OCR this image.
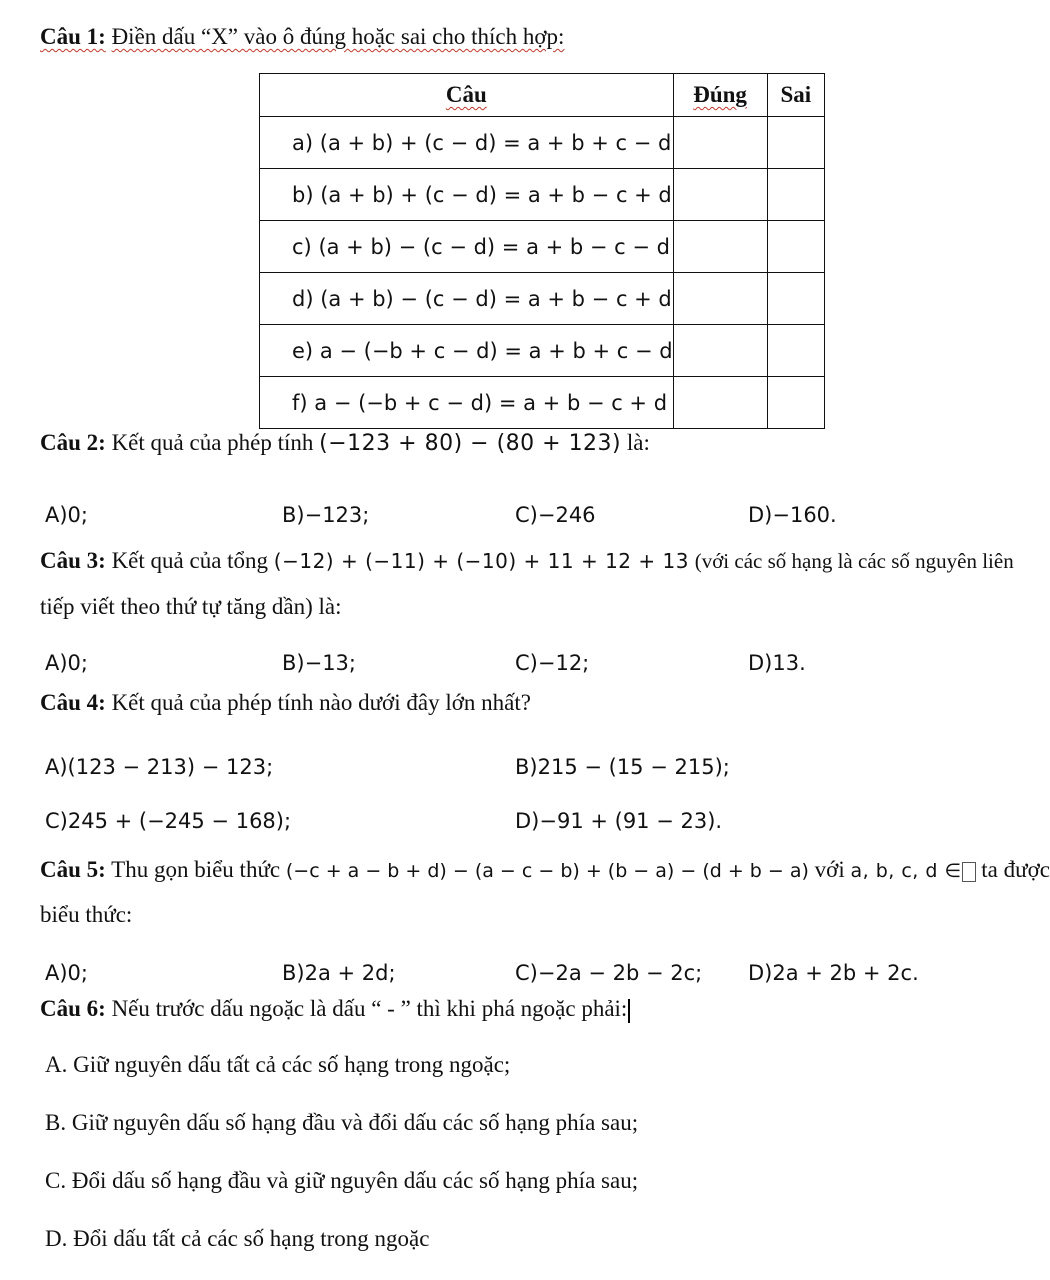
Câu 1: Điền dấu “X” vào ô đúng hoặc sai cho thích hợp:
Câu	Đúng	Sai
a) (a + b) + (c − d) = a + b + c − d		
b) (a + b) + (c − d) = a + b − c + d		
c) (a + b) − (c − d) = a + b − c − d		
d) (a + b) − (c − d) = a + b − c + d		
e) a − (−b + c − d) = a + b + c − d		
f) a − (−b + c − d) = a + b − c + d		
Câu 2: Kết quả của phép tính (−123 + 80) − (80 + 123) là:
A)0;	B)−123;	C)−246	D)−160.
Câu 3: Kết quả của tổng (−12) + (−11) + (−10) + 11 + 12 + 13 (với các số hạng là các số nguyên liên
tiếp viết theo thứ tự tăng dần) là:
A)0;	B)−13;	C)−12;	D)13.
Câu 4: Kết quả của phép tính nào dưới đây lớn nhất?
A)(123 − 213) − 123;	B)215 − (15 − 215);
C)245 + (−245 − 168);	D)−91 + (91 − 23).
Câu 5: Thu gọn biểu thức (−c + a − b + d) − (a − c − b) + (b − a) − (d + b − a) với a, b, c, d ∈ ta được
biểu thức:
A)0;	B)2a + 2d;	C)−2a − 2b − 2c; D)2a + 2b + 2c.
Câu 6: Nếu trước dấu ngoặc là dấu “ - ” thì khi phá ngoặc phải:
A. Giữ nguyên dấu tất cả các số hạng trong ngoặc;
B. Giữ nguyên dấu số hạng đầu và đổi dấu các số hạng phía sau;
C. Đổi dấu số hạng đầu và giữ nguyên dấu các số hạng phía sau;
D. Đổi dấu tất cả các số hạng trong ngoặc
